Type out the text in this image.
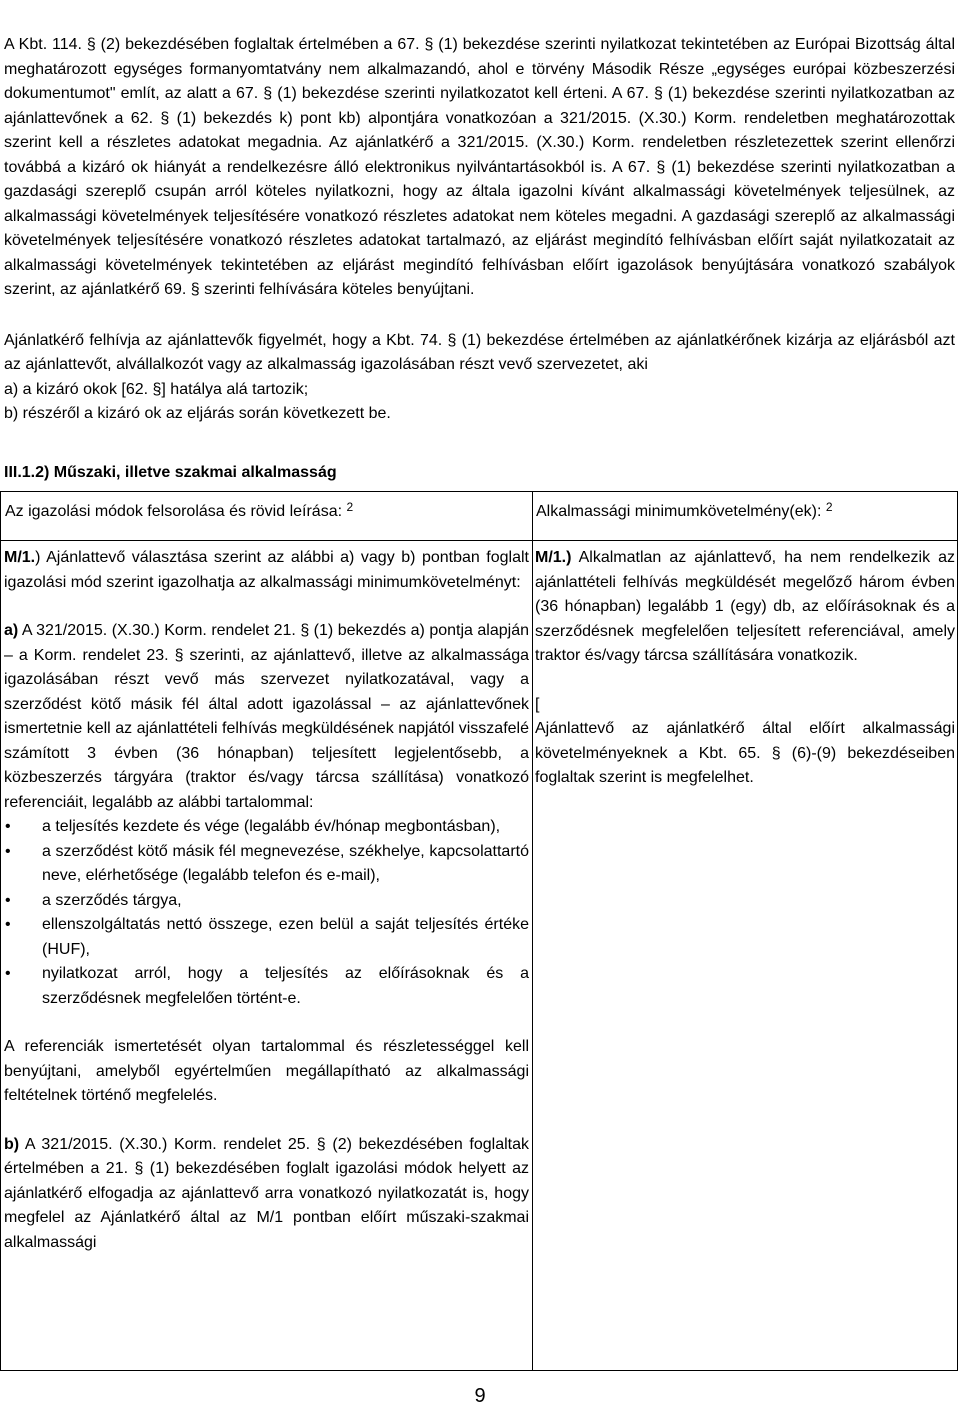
A Kbt. 114. § (2) bekezdésében foglaltak értelmében a 67. § (1) bekezdése szerinti nyilatkozat tekintetében az Európai Bizottság által meghatározott egységes formanyomtatvány nem alkalmazandó, ahol e törvény Második Része „egységes európai közbeszerzési dokumentumot" említ, az alatt a 67. § (1) bekezdése szerinti nyilatkozatot kell érteni. A 67. § (1) bekezdése szerinti nyilatkozatban az ajánlattevőnek a 62. § (1) bekezdés k) pont kb) alpontjára vonatkozóan a 321/2015. (X.30.) Korm. rendeletben meghatározottak szerint kell a részletes adatokat megadnia. Az ajánlatkérő a 321/2015. (X.30.) Korm. rendeletben részletezettek szerint ellenőrzi továbbá a kizáró ok hiányát a rendelkezésre álló elektronikus nyilvántartásokból is. A 67. § (1) bekezdése szerinti nyilatkozatban a gazdasági szereplő csupán arról köteles nyilatkozni, hogy az általa igazolni kívánt alkalmassági követelmények teljesülnek, az alkalmassági követelmények teljesítésére vonatkozó részletes adatokat nem köteles megadni. A gazdasági szereplő az alkalmassági követelmények teljesítésére vonatkozó részletes adatokat tartalmazó, az eljárást megindító felhívásban előírt saját nyilatkozatait az alkalmassági követelmények tekintetében az eljárást megindító felhívásban előírt igazolások benyújtására vonatkozó szabályok szerint, az ajánlatkérő 69. § szerinti felhívására köteles benyújtani.

Ajánlatkérő felhívja az ajánlattevők figyelmét, hogy a Kbt. 74. § (1) bekezdése értelmében az ajánlatkérőnek kizárja az eljárásból azt az ajánlattevőt, alvállalkozót vagy az alkalmasság igazolásában részt vevő szervezetet, aki

a) a kizáró okok [62. §] hatálya alá tartozik;

b) részéről a kizáró ok az eljárás során következett be.

III.1.2) Műszaki, illetve szakmai alkalmasság
Az igazolási módok felsorolása és rövid leírása: $^2$	Alkalmassági minimumkövetelmény(ek): $^2$

M/1.) Ajánlattevő választása szerint az alábbi a) vagy b) pontban foglalt igazolási mód szerint igazolhatja az alkalmassági minimumkövetelményt:

a) A 321/2015. (X.30.) Korm. rendelet 21. § (1) bekezdés a) pontja alapján – a Korm. rendelet 23. § szerinti, az ajánlattevő, illetve az alkalmassága igazolásában részt vevő más szervezet nyilatkozatával, vagy a szerződést kötő másik fél által adott igazolással – az ajánlattevőnek ismertetnie kell az ajánlattételi felhívás megküldésének napjától visszafelé számított 3 évben (36 hónapban) teljesített legjelentősebb, a közbeszerzés tárgyára (traktor és/vagy tárcsa szállítása) vonatkozó referenciáit, legalább az alábbi tartalommal:

• a teljesítés kezdete és vége (legalább év/hónap megbontásban),
• a szerződést kötő másik fél megnevezése, székhelye, kapcsolattartó neve, elérhetősége (legalább telefon és e-mail),
• a szerződés tárgya,
• ellenszolgáltatás nettó összege, ezen belül a saját teljesítés értéke (HUF),
• nyilatkozat arról, hogy a teljesítés az előírásoknak és a szerződésnek megfelelően történt-e.

A referenciák ismertetését olyan tartalommal és részletességgel kell benyújtani, amelyből egyértelműen megállapítható az alkalmassági feltételnek történő megfelelés.

b) A 321/2015. (X.30.) Korm. rendelet 25. § (2) bekezdésében foglaltak értelmében a 21. § (1) bekezdésében foglalt igazolási módok helyett az ajánlatkérő elfogadja az ajánlattevő arra vonatkozó nyilatkozatát is, hogy megfelel az Ajánlatkérő által az M/1 pontban előírt műszaki-szakmai alkalmassági

M/1.) Alkalmatlan az ajánlattevő, ha nem rendelkezik az ajánlattételi felhívás megküldését megelőző három évben (36 hónapban) legalább 1 (egy) db, az előírásoknak és a szerződésnek megfelelően teljesített referenciával, amely traktor és/vagy tárcsa szállítására vonatkozik.

[

Ajánlattevő az ajánlatkérő által előírt alkalmassági követelményeknek a Kbt. 65. § (6)-(9) bekezdéseiben foglaltak szerint is megfelelhet.

9
